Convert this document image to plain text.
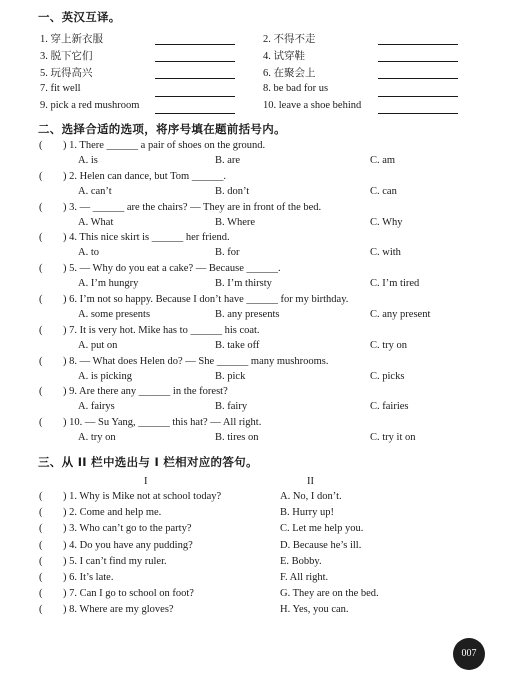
一、英汉互译。
1. 穿上新衣服	2. 不得不走
3. 脱下它们	4. 试穿鞋
5. 玩得高兴	6. 在聚会上
7. fit well	8. be bad for us
9. pick a red mushroom	10. leave a shoe behind
二、选择合适的选项，将序号填在题前括号内。
( ) 1. There ______ a pair of shoes on the ground.
A. is	B. are	C. am
( ) 2. Helen can dance, but Tom ______.
A. can’t	B. don’t	C. can
( ) 3. — ______ are the chairs? — They are in front of the bed.
A. What	B. Where	C. Why
( ) 4. This nice skirt is ______ her friend.
A. to	B. for	C. with
( ) 5. — Why do you eat a cake? — Because ______.
A. I’m hungry	B. I’m thirsty	C. I’m tired
( ) 6. I’m not so happy. Because I don’t have ______ for my birthday.
A. some presents	B. any presents	C. any present
( ) 7. It is very hot. Mike has to ______ his coat.
A. put on	B. take off	C. try on
( ) 8. — What does Helen do? — She ______ many mushrooms.
A. is picking	B. pick	C. picks
( ) 9. Are there any ______ in the forest?
A. fairys	B. fairy	C. fairies
( ) 10. — Su Yang, ______ this hat? — All right.
A. try on	B. tires on	C. try it on
三、从 II 栏中选出与 I 栏相对应的答句。
I	II
( ) 1. Why is Mike not at school today?	A. No, I don’t.
( ) 2. Come and help me.	B. Hurry up!
( ) 3. Who can’t go to the party?	C. Let me help you.
( ) 4. Do you have any pudding?	D. Because he’s ill.
( ) 5. I can’t find my ruler.	E. Bobby.
( ) 6. It’s late.	F. All right.
( ) 7. Can I go to school on foot?	G. They are on the bed.
( ) 8. Where are my gloves?	H. Yes, you can.
007
